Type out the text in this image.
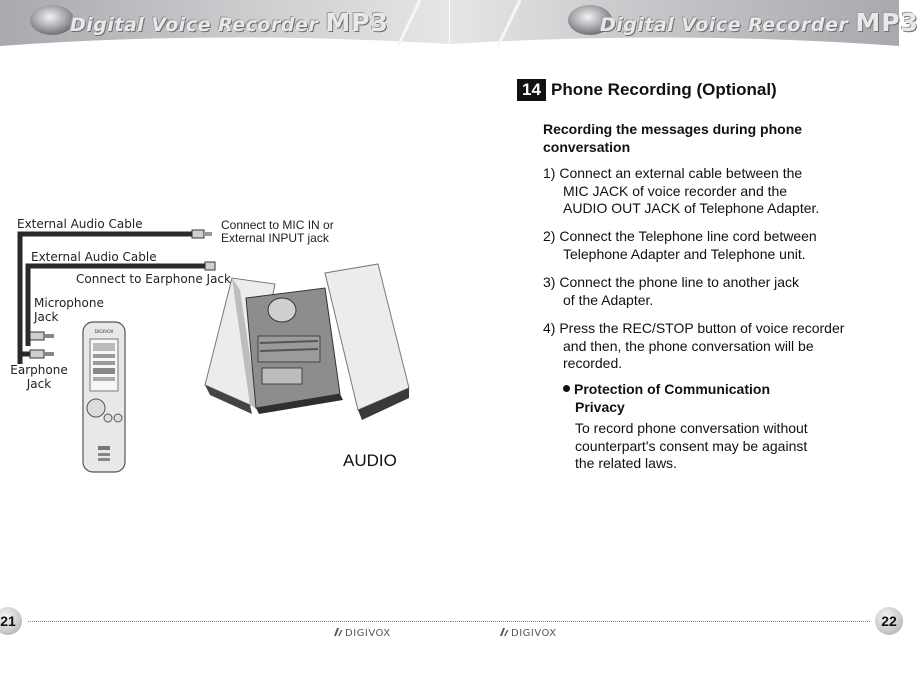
Digital Voice Recorder MP3
DIGIVOX
External Audio Cable	Connect to MIC IN or
External INPUT jack
External Audio Cable
Connect to Earphone Jack
Microphone
Jack
Earphone
Jack
AUDIO
21
DIGIVOX
Digital Voice Recorder MP3
14 Phone Recording (Optional)
Recording the messages during phone
conversation
1) Connect an external cable between the
MIC JACK of voice recorder and the
AUDIO OUT JACK of Telephone Adapter.
2) Connect the Telephone line cord between
Telephone Adapter and Telephone unit.
3) Connect the phone line to another jack
of the Adapter.
4) Press the REC/STOP button of voice recorder
and then, the phone conversation will be
recorded.
Protection of Communication
Privacy
To record phone conversation without
counterpart's consent may be against
the related laws.
22
DIGIVOX
